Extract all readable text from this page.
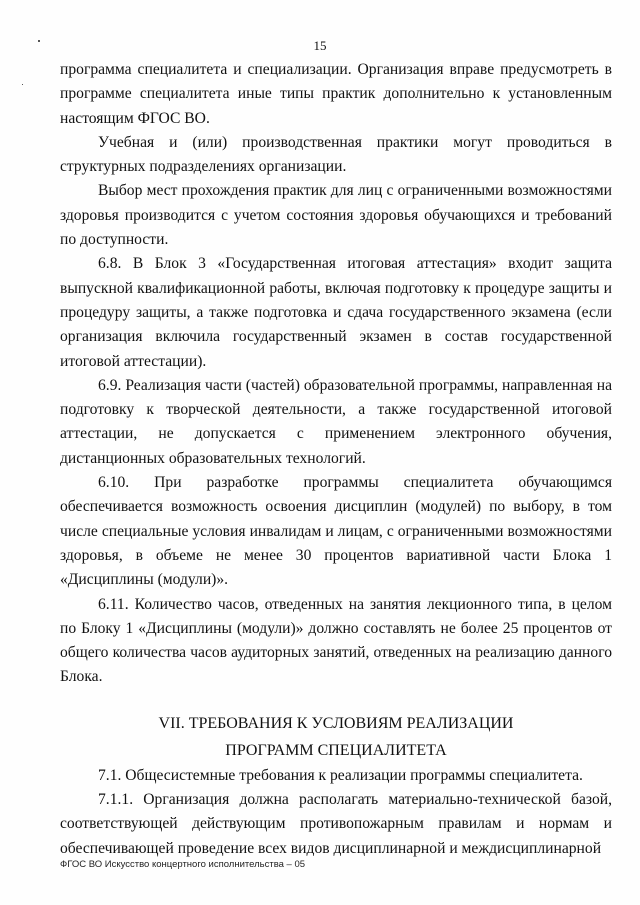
15

программа специалитета и специализации. Организация вправе предусмотреть в программе специалитета иные типы практик дополнительно к установленным настоящим ФГОС ВО.

Учебная и (или) производственная практики могут проводиться в структурных подразделениях организации.

Выбор мест прохождения практик для лиц с ограниченными возможностями здоровья производится с учетом состояния здоровья обучающихся и требований по доступности.

6.8. В Блок 3 «Государственная итоговая аттестация» входит защита выпускной квалификационной работы, включая подготовку к процедуре защиты и процедуру защиты, а также подготовка и сдача государственного экзамена (если организация включила государственный экзамен в состав государственной итоговой аттестации).

6.9. Реализация части (частей) образовательной программы, направленная на подготовку к творческой деятельности, а также государственной итоговой аттестации, не допускается с применением электронного обучения, дистанционных образовательных технологий.

6.10. При разработке программы специалитета обучающимся обеспечивается возможность освоения дисциплин (модулей) по выбору, в том числе специальные условия инвалидам и лицам, с ограниченными возможностями здоровья, в объеме не менее 30 процентов вариативной части Блока 1 «Дисциплины (модули)».

6.11. Количество часов, отведенных на занятия лекционного типа, в целом по Блоку 1 «Дисциплины (модули)» должно составлять не более 25 процентов от общего количества часов аудиторных занятий, отведенных на реализацию данного Блока.

VII. ТРЕБОВАНИЯ К УСЛОВИЯМ РЕАЛИЗАЦИИ
ПРОГРАММ СПЕЦИАЛИТЕТА

7.1. Общесистемные требования к реализации программы специалитета.

7.1.1. Организация должна располагать материально-технической базой, соответствующей действующим противопожарным правилам и нормам и обеспечивающей проведение всех видов дисциплинарной и междисциплинарной

ФГОС ВО Искусство концертного исполнительства – 05
